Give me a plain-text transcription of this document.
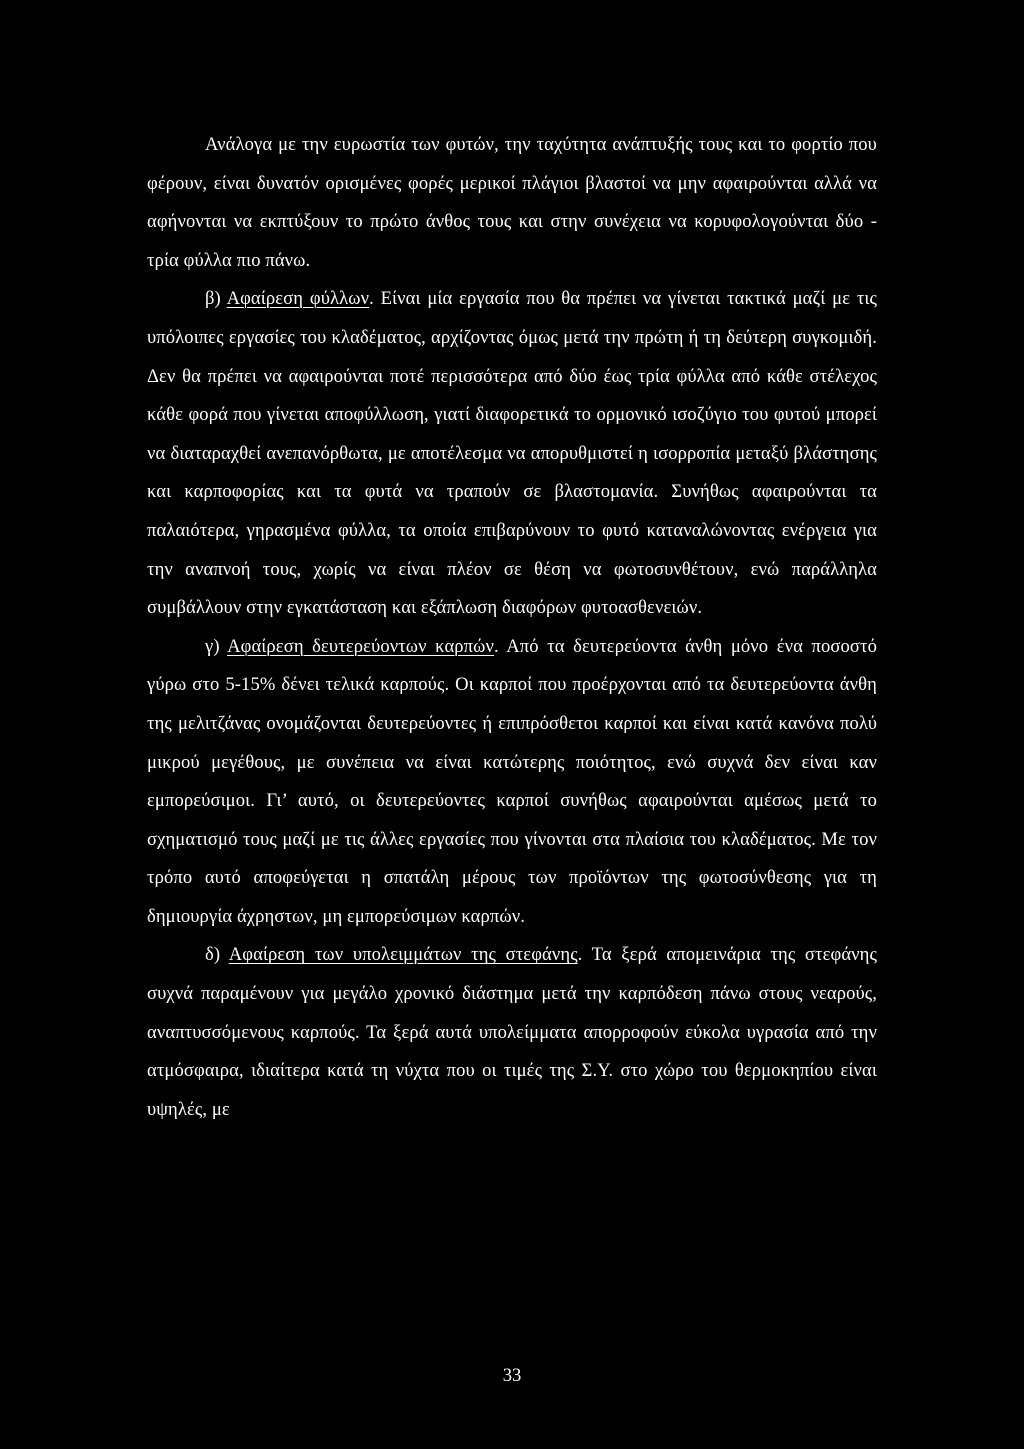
Ανάλογα με την ευρωστία των φυτών, την ταχύτητα ανάπτυξής τους και το φορτίο που φέρουν, είναι δυνατόν ορισμένες φορές μερικοί πλάγιοι βλαστοί να μην αφαιρούνται αλλά να αφήνονται να εκπτύξουν το πρώτο άνθος τους και στην συνέχεια να κορυφολογούνται δύο - τρία φύλλα πιο πάνω.

β) Αφαίρεση φύλλων. Είναι μία εργασία που θα πρέπει να γίνεται τακτικά μαζί με τις υπόλοιπες εργασίες του κλαδέματος, αρχίζοντας όμως μετά την πρώτη ή τη δεύτερη συγκομιδή. Δεν θα πρέπει να αφαιρούνται ποτέ περισσότερα από δύο έως τρία φύλλα από κάθε στέλεχος κάθε φορά που γίνεται αποφύλλωση, γιατί διαφορετικά το ορμονικό ισοζύγιο του φυτού μπορεί να διαταραχθεί ανεπανόρθωτα, με αποτέλεσμα να απορυθμιστεί η ισορροπία μεταξύ βλάστησης και καρποφορίας και τα φυτά να τραπούν σε βλαστομανία. Συνήθως αφαιρούνται τα παλαιότερα, γηρασμένα φύλλα, τα οποία επιβαρύνουν το φυτό καταναλώνοντας ενέργεια για την αναπνοή τους, χωρίς να είναι πλέον σε θέση να φωτοσυνθέτουν, ενώ παράλληλα συμβάλλουν στην εγκατάσταση και εξάπλωση διαφόρων φυτοασθενειών.

γ) Αφαίρεση δευτερεύοντων καρπών. Από τα δευτερεύοντα άνθη μόνο ένα ποσοστό γύρω στο 5-15% δένει τελικά καρπούς. Οι καρποί που προέρχονται από τα δευτερεύοντα άνθη της μελιτζάνας ονομάζονται δευτερεύοντες ή επιπρόσθετοι καρποί και είναι κατά κανόνα πολύ μικρού μεγέθους, με συνέπεια να είναι κατώτερης ποιότητος, ενώ συχνά δεν είναι καν εμπορεύσιμοι. Γι’ αυτό, οι δευτερεύοντες καρποί συνήθως αφαιρούνται αμέσως μετά το σχηματισμό τους μαζί με τις άλλες εργασίες που γίνονται στα πλαίσια του κλαδέματος. Με τον τρόπο αυτό αποφεύγεται η σπατάλη μέρους των προϊόντων της φωτοσύνθεσης για τη δημιουργία άχρηστων, μη εμπορεύσιμων καρπών.

δ) Αφαίρεση των υπολειμμάτων της στεφάνης. Τα ξερά απομεινάρια της στεφάνης συχνά παραμένουν για μεγάλο χρονικό διάστημα μετά την καρπόδεση πάνω στους νεαρούς, αναπτυσσόμενους καρπούς. Τα ξερά αυτά υπολείμματα απορροφούν εύκολα υγρασία από την ατμόσφαιρα, ιδιαίτερα κατά τη νύχτα που οι τιμές της Σ.Υ. στο χώρο του θερμοκηπίου είναι υψηλές, με

33
